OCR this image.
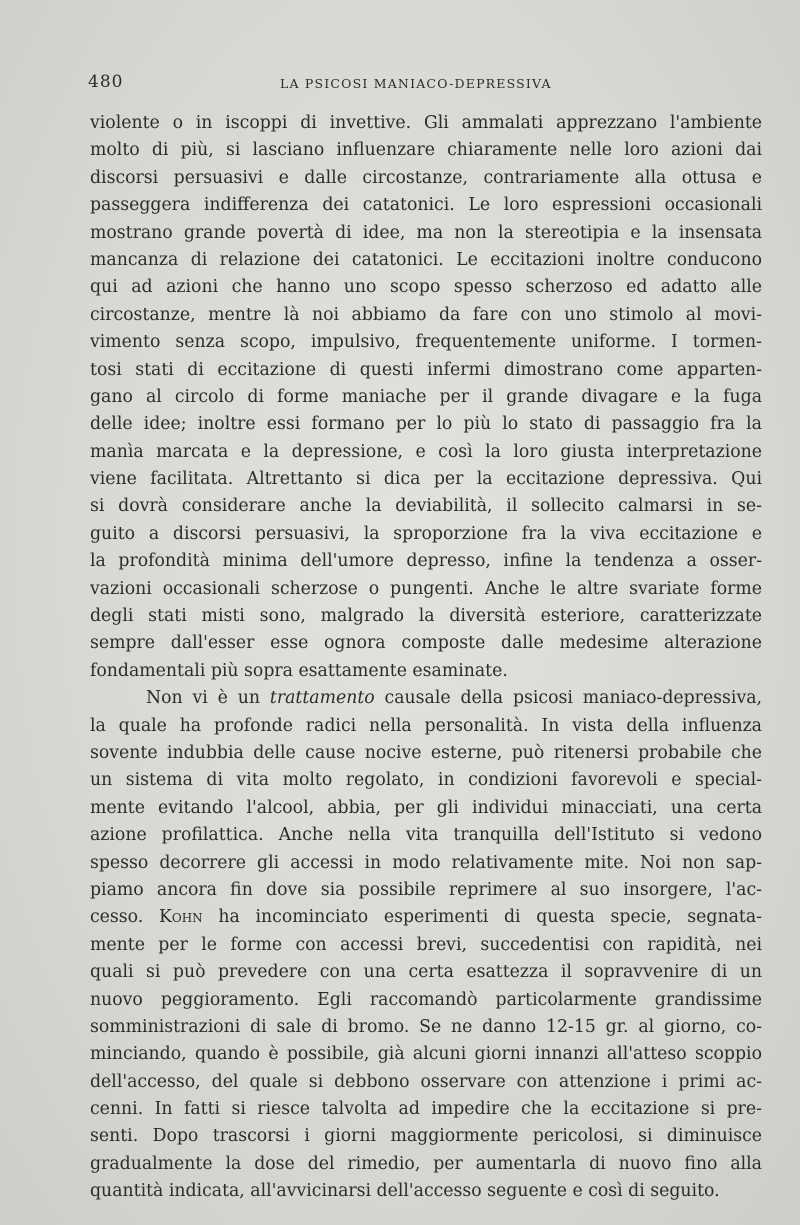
480	LA PSICOSI MANIACO-DEPRESSIVA
violente o in iscoppi di invettive. Gli ammalati apprezzano l'ambiente
molto di più, si lasciano influenzare chiaramente nelle loro azioni dai
discorsi persuasivi e dalle circostanze, contrariamente alla ottusa e
passeggera indifferenza dei catatonici. Le loro espressioni occasionali
mostrano grande povertà di idee, ma non la stereotipia e la insensata
mancanza di relazione dei catatonici. Le eccitazioni inoltre conducono
qui ad azioni che hanno uno scopo spesso scherzoso ed adatto alle
circostanze, mentre là noi abbiamo da fare con uno stimolo al movi-
vimento senza scopo, impulsivo, frequentemente uniforme. I tormen-
tosi stati di eccitazione di questi infermi dimostrano come apparten-
gano al circolo di forme maniache per il grande divagare e la fuga
delle idee; inoltre essi formano per lo più lo stato di passaggio fra la
manìa marcata e la depressione, e così la loro giusta interpretazione
viene facilitata. Altrettanto si dica per la eccitazione depressiva. Qui
si dovrà considerare anche la deviabilità, il sollecito calmarsi in se-
guito a discorsi persuasivi, la sproporzione fra la viva eccitazione e
la profondità minima dell'umore depresso, infine la tendenza a osser-
vazioni occasionali scherzose o pungenti. Anche le altre svariate forme
degli stati misti sono, malgrado la diversità esteriore, caratterizzate
sempre dall'esser esse ognora composte dalle medesime alterazione
fondamentali più sopra esattamente esaminate.
Non vi è un trattamento causale della psicosi maniaco-depressiva,
la quale ha profonde radici nella personalità. In vista della influenza
sovente indubbia delle cause nocive esterne, può ritenersi probabile che
un sistema di vita molto regolato, in condizioni favorevoli e special-
mente evitando l'alcool, abbia, per gli individui minacciati, una certa
azione profilattica. Anche nella vita tranquilla dell'Istituto si vedono
spesso decorrere gli accessi in modo relativamente mite. Noi non sap-
piamo ancora fin dove sia possibile reprimere al suo insorgere, l'ac-
cesso. Kohn ha incominciato esperimenti di questa specie, segnata-
mente per le forme con accessi brevi, succedentisi con rapidità, nei
quali si può prevedere con una certa esattezza il sopravvenire di un
nuovo peggioramento. Egli raccomandò particolarmente grandissime
somministrazioni di sale di bromo. Se ne danno 12-15 gr. al giorno, co-
minciando, quando è possibile, già alcuni giorni innanzi all'atteso scoppio
dell'accesso, del quale si debbono osservare con attenzione i primi ac-
cenni. In fatti si riesce talvolta ad impedire che la eccitazione si pre-
senti. Dopo trascorsi i giorni maggiormente pericolosi, si diminuisce
gradualmente la dose del rimedio, per aumentarla di nuovo fino alla
quantità indicata, all'avvicinarsi dell'accesso seguente e così di seguito.
